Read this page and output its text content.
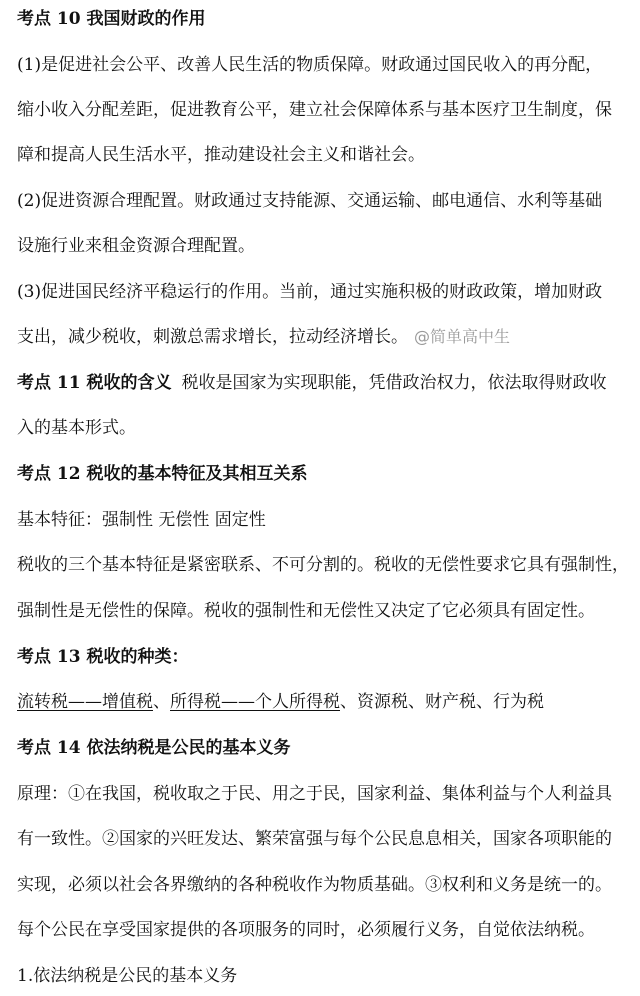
考点 10 我国财政的作用
(1)是促进社会公平、改善人民生活的物质保障。财政通过国民收入的再分配，
缩小收入分配差距，促进教育公平，建立社会保障体系与基本医疗卫生制度，保
障和提高人民生活水平，推动建设社会主义和谐社会。
(2)促进资源合理配置。财政通过支持能源、交通运输、邮电通信、水利等基础
设施行业来租金资源合理配置。
(3)促进国民经济平稳运行的作用。当前，通过实施积极的财政政策，增加财政
支出，减少税收，刺激总需求增长，拉动经济增长。 @简单高中生
考点 11 税收的含义 税收是国家为实现职能，凭借政治权力，依法取得财政收
入的基本形式。
考点 12 税收的基本特征及其相互关系
基本特征：强制性 无偿性 固定性
税收的三个基本特征是紧密联系、不可分割的。税收的无偿性要求它具有强制性，
强制性是无偿性的保障。税收的强制性和无偿性又决定了它必须具有固定性。
考点 13 税收的种类：
流转税——增值税、所得税——个人所得税、资源税、财产税、行为税
考点 14 依法纳税是公民的基本义务
原理：①在我国，税收取之于民、用之于民，国家利益、集体利益与个人利益具
有一致性。②国家的兴旺发达、繁荣富强与每个公民息息相关，国家各项职能的
实现，必须以社会各界缴纳的各种税收作为物质基础。③权利和义务是统一的。
每个公民在享受国家提供的各项服务的同时，必须履行义务，自觉依法纳税。
1.依法纳税是公民的基本义务
